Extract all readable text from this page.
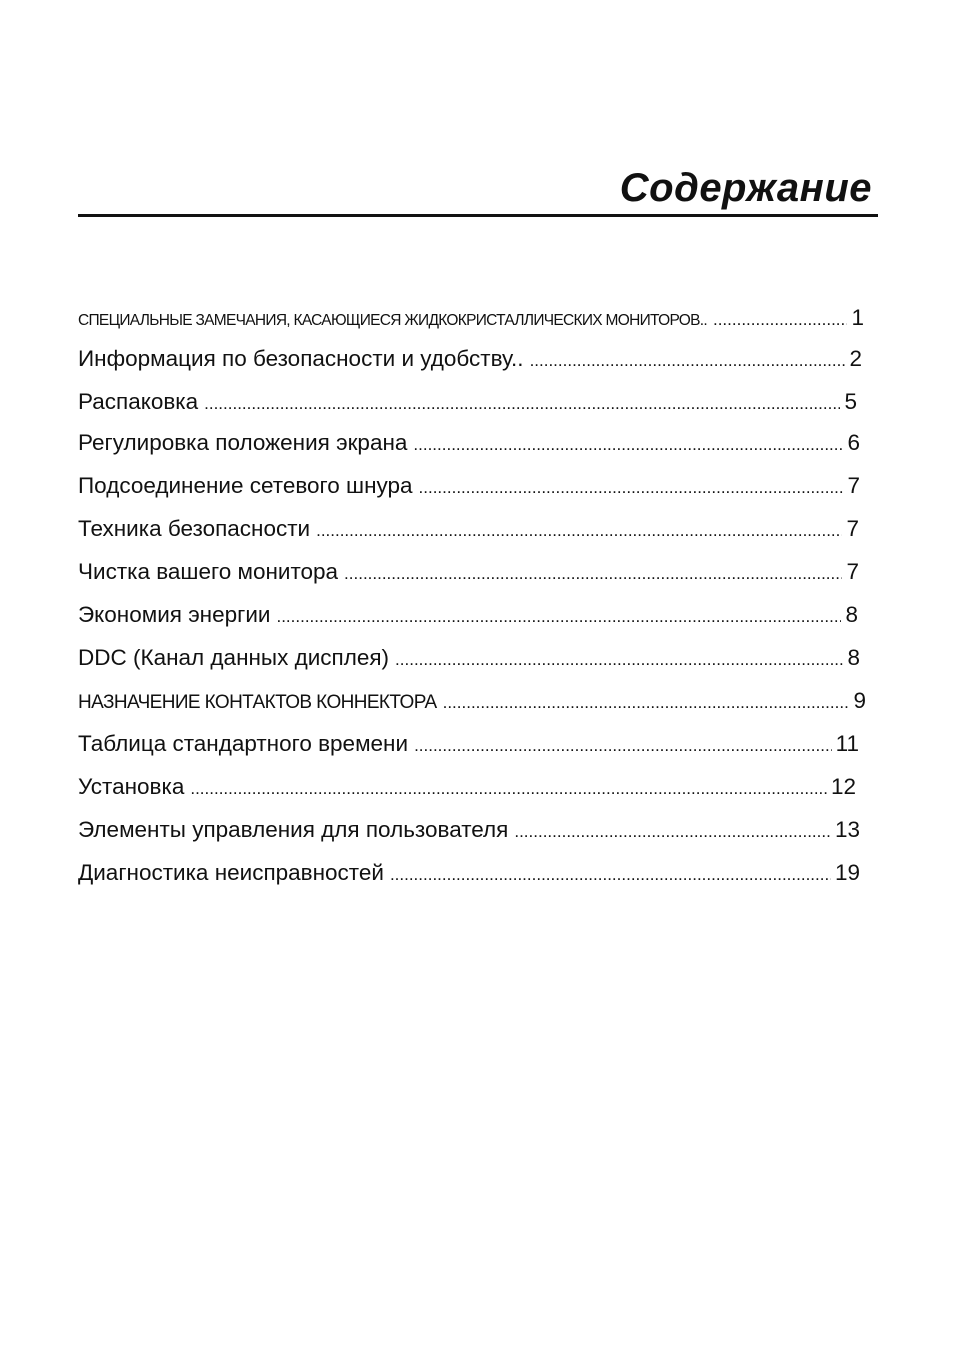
Содержание
СПЕЦИАЛЬНЫЕ ЗАМЕЧАНИЯ, КАСАЮЩИЕСЯ ЖИДКОКРИСТАЛЛИЧЕСКИХ МОНИТОРОВ.. .....	1
Информация по безопасности и удобству.. .....	2
Распаковка .....	5
Регулировка положения экрана .....	6
Подсоединение сетевого шнура .....	7
Техника безопасности .....	7
Чистка вашего монитора .....	7
Экономия энергии .....	8
DDC (Канал данных дисплея) .....	8
НАЗНАЧЕНИЕ КОНТАКТОВ КОННЕКТОРА .....	9
Таблица стандартного времени .....	11
Установка .....	12
Элементы управления для пользователя .....	13
Диагностика неисправностей .....	19
